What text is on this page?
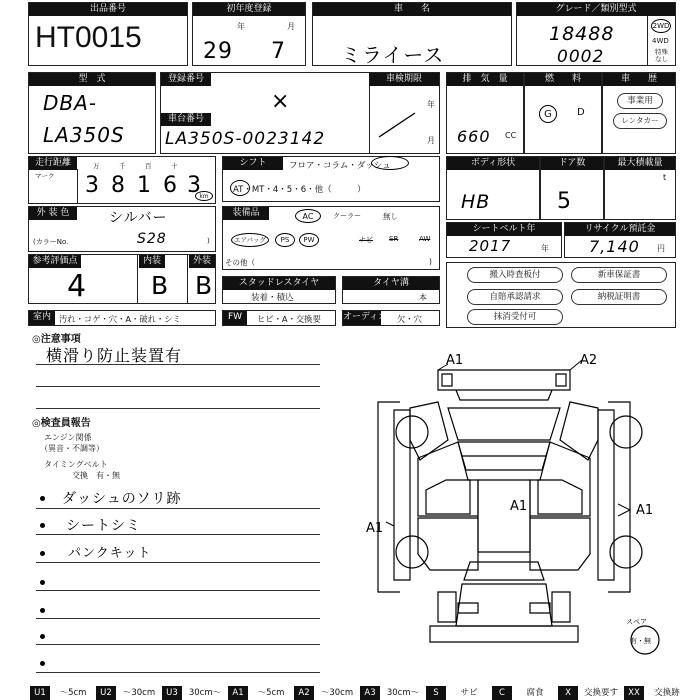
出品番号
HT0015
初年度登録
年	月
29 7
車　　名
ミライース
グレード／類別型式
18488
0002
2WD
4WD
特殊
なし
型　式
DBA-
LA350S
登録番号
×
車台番号
LA350S-0023142
車検期限
年
月
排　気　量
660 CC
燃　　料
G	D
車　　歴
事業用
レンタカー
走行距離
マーク
万	千	百	十
3 8 1 6 3
km
シフト	フロア・コラム・ダッシュ
AT・MT・4・5・6・他（　　　）
ボディ形状
HB
ドア数
5
最大積載量
t
外 装 色	シルバー
(カラーNo.	)
S28
装備品	AC	クーラー	無し
エアバッグ	PS	PW	ナビ SR	AW
その他（	)
シートベルト年
2017	年
リサイクル預託金
7,140 円
参考評価点	内装	外装
4	B B	スタッドレスタイヤ
装着・積込
タイヤ溝
本
搬入時査板付	新車保証書
自賠承認請求	納税証明書
抹消受付可
室内 汚れ・コゲ・穴・A・破れ・シミ	FW	ヒビ・A・交換要 オーディオ 欠・穴
◎注意事項
横滑り防止装置有
◎検査員報告
エンジン関係
（異音・不調等）
タイミングベルト
交換　有・無
ダッシュのソリ跡
シートシミ
パンクキット
A1	A2
A1
A1	A1
スペア
有・無
U1	～5cm	U2	～30cm	U3	30cm～	A1	～5cm	A2	～30cm	A3	30cm～	S	サビ	C	腐食	X	交換要す	XX	交換跡
